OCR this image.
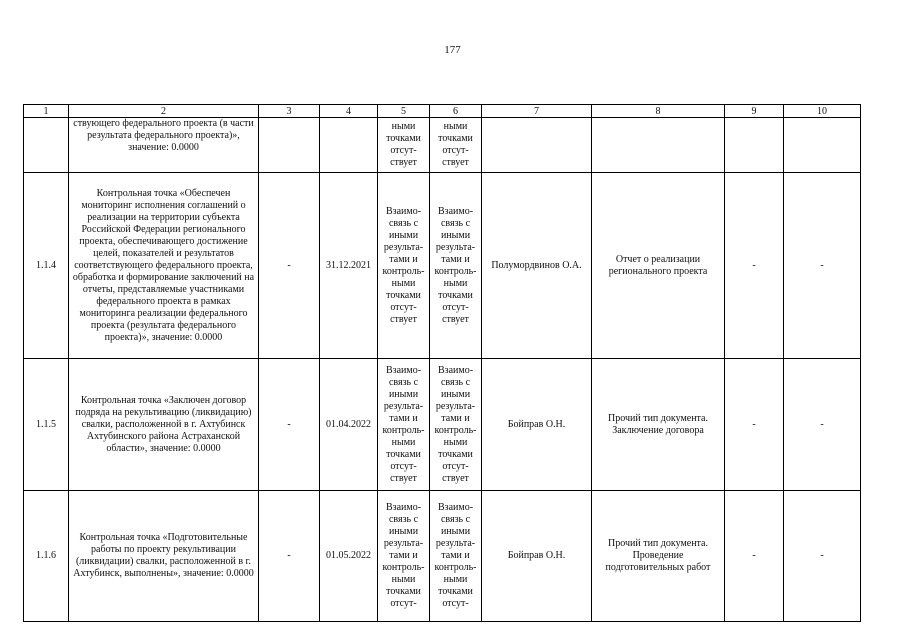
177
1	2	3	4	5	6	7	8	9	10
	ствующего федерального проекта (в части результата федерального проекта)», значение: 0.0000			ными точками отсут-ствует	ными точками отсут-ствует				
1.1.4	Контрольная точка «Обеспечен мониторинг исполнения соглашений о реализации на территории субъекта Российской Федерации регионального проекта, обеспечивающего достижение целей, показателей и результатов соответствующего федерального проекта, обработка и формирование заключений на отчеты, представляемые участниками федерального проекта в рамках мониторинга реализации федерального проекта (результата федерального проекта)», значение: 0.0000	-	31.12.2021	Взаимо-связь с иными результа-тами и контроль-ными точками отсут-ствует	Взаимо-связь с иными результа-тами и контроль-ными точками отсут-ствует	Полумордвинов О.А.	Отчет о реализации регионального проекта	-	-
1.1.5	Контрольная точка «Заключен договор подряда на рекультивацию (ликвидацию) свалки, расположенной в г. Ахтубинск Ахтубинского района Астраханской области», значение: 0.0000	-	01.04.2022	Взаимо-связь с иными результа-тами и контроль-ными точками отсут-ствует	Взаимо-связь с иными результа-тами и контроль-ными точками отсут-ствует	Бойправ О.Н.	Прочий тип документа. Заключение договора	-	-
1.1.6	Контрольная точка «Подготовительные работы по проекту рекультивации (ликвидации) свалки, расположенной в г. Ахтубинск, выполнены», значение: 0.0000	-	01.05.2022	Взаимо-связь с иными результа-тами и контроль-ными точками отсут-	Взаимо-связь с иными результа-тами и контроль-ными точками отсут-	Бойправ О.Н.	Прочий тип документа. Проведение подготовительных работ	-	-
